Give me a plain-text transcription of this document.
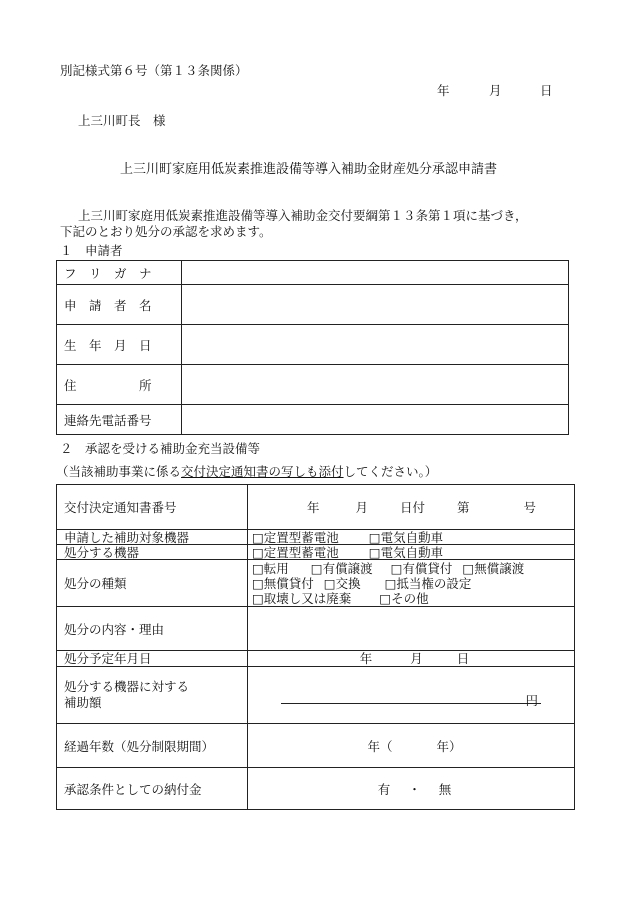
別記様式第６号（第１３条関係）
年	月	日
上三川町長　様
上三川町家庭用低炭素推進設備等導入補助金財産処分承認申請書
上三川町家庭用低炭素推進設備等導入補助金交付要綱第１３条第１項に基づき，
下記のとおり処分の承認を求めます。
１　申請者
フ　リ　ガ　ナ	
申　請　者　名	
生　年　月　日	
住　　　　　所	
連絡先電話番号	
２　承認を受ける補助金充当設備等
（当該補助事業に係る交付決定通知書の写しも添付してください。）
交付決定通知書番号	年 月 日付 第 号
申請した補助対象機器	□定置型蓄電池 □電気自動車
処分する機器	□定置型蓄電池 □電気自動車
処分の種類	□転用 □有償譲渡 □有償貸付 □無償譲渡
□無償貸付 □交換 □抵当権の設定
□取壊し又は廃棄 □その他

処分の内容・理由	
処分予定年月日	年 月 日

処分する機器に対する
補助額	円

経過年数（処分制限期間）	年（ 年）
承認条件としての納付金	有 ・ 無
